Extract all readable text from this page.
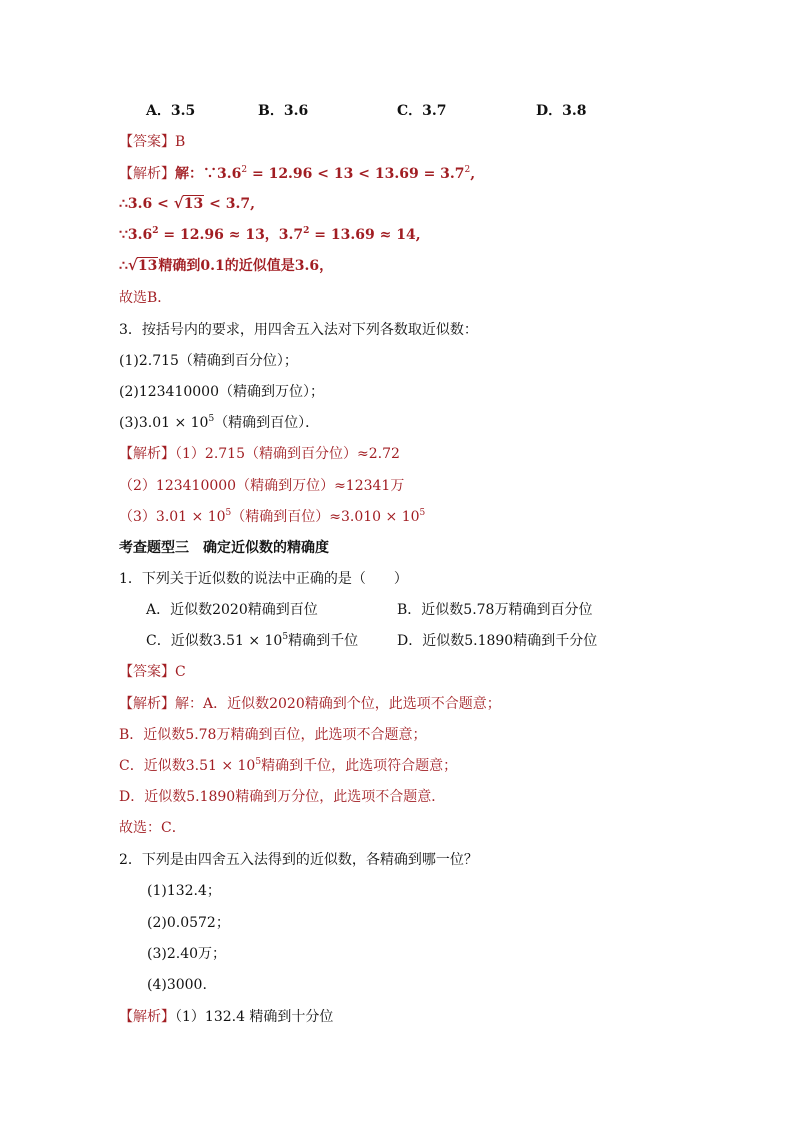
A．3.5	B．3.6	C．3.7	D．3.8
【答案】B
【解析】解：$\because 3.6^2 = 12.96 < 13 < 13.69 = 3.7^2$,
∴3.6 < √ 13 < 3.7,
$\because 3.6^2 = 12.96 \approx 13$，$3.7^2 = 13.69 \approx 14$,
∴ √ 13精确到0.1的近似值是3.6，
故选B．
3．按括号内的要求，用四舍五入法对下列各数取近似数：
(1)2.715（精确到百分位）；
(2)123410000（精确到万位）；
$(3)3.01 \times 10^5$（精确到百位）．
【解析】（1）2.715（精确到百分位）≈2.72
（2）123410000（精确到万位）≈12341万
$(3)3.01 \times 10^5$（精确到百位）$\approx 3.010 \times 10^5$
考查题型三　确定近似数的精确度
1．下列关于近似数的说法中正确的是（　　）
A．近似数2020精确到百位	B．近似数5.78万精确到百分位
C．近似数$3.51 \times 10^5$精确到千位	D．近似数5.1890精确到千分位
【答案】C
【解析】解：A．近似数2020精确到个位，此选项不合题意；
B．近似数5.78万精确到百位，此选项不合题意；
C．近似数$3.51 \times 10^5$精确到千位，此选项符合题意；
D．近似数5.1890精确到万分位，此选项不合题意．
故选：C．
2．下列是由四舍五入法得到的近似数，各精确到哪一位？
(1)132.4；
(2)0.0572；
(3)2.40万；
(4)3000.
【解析】（1）132.4 精确到十分位
